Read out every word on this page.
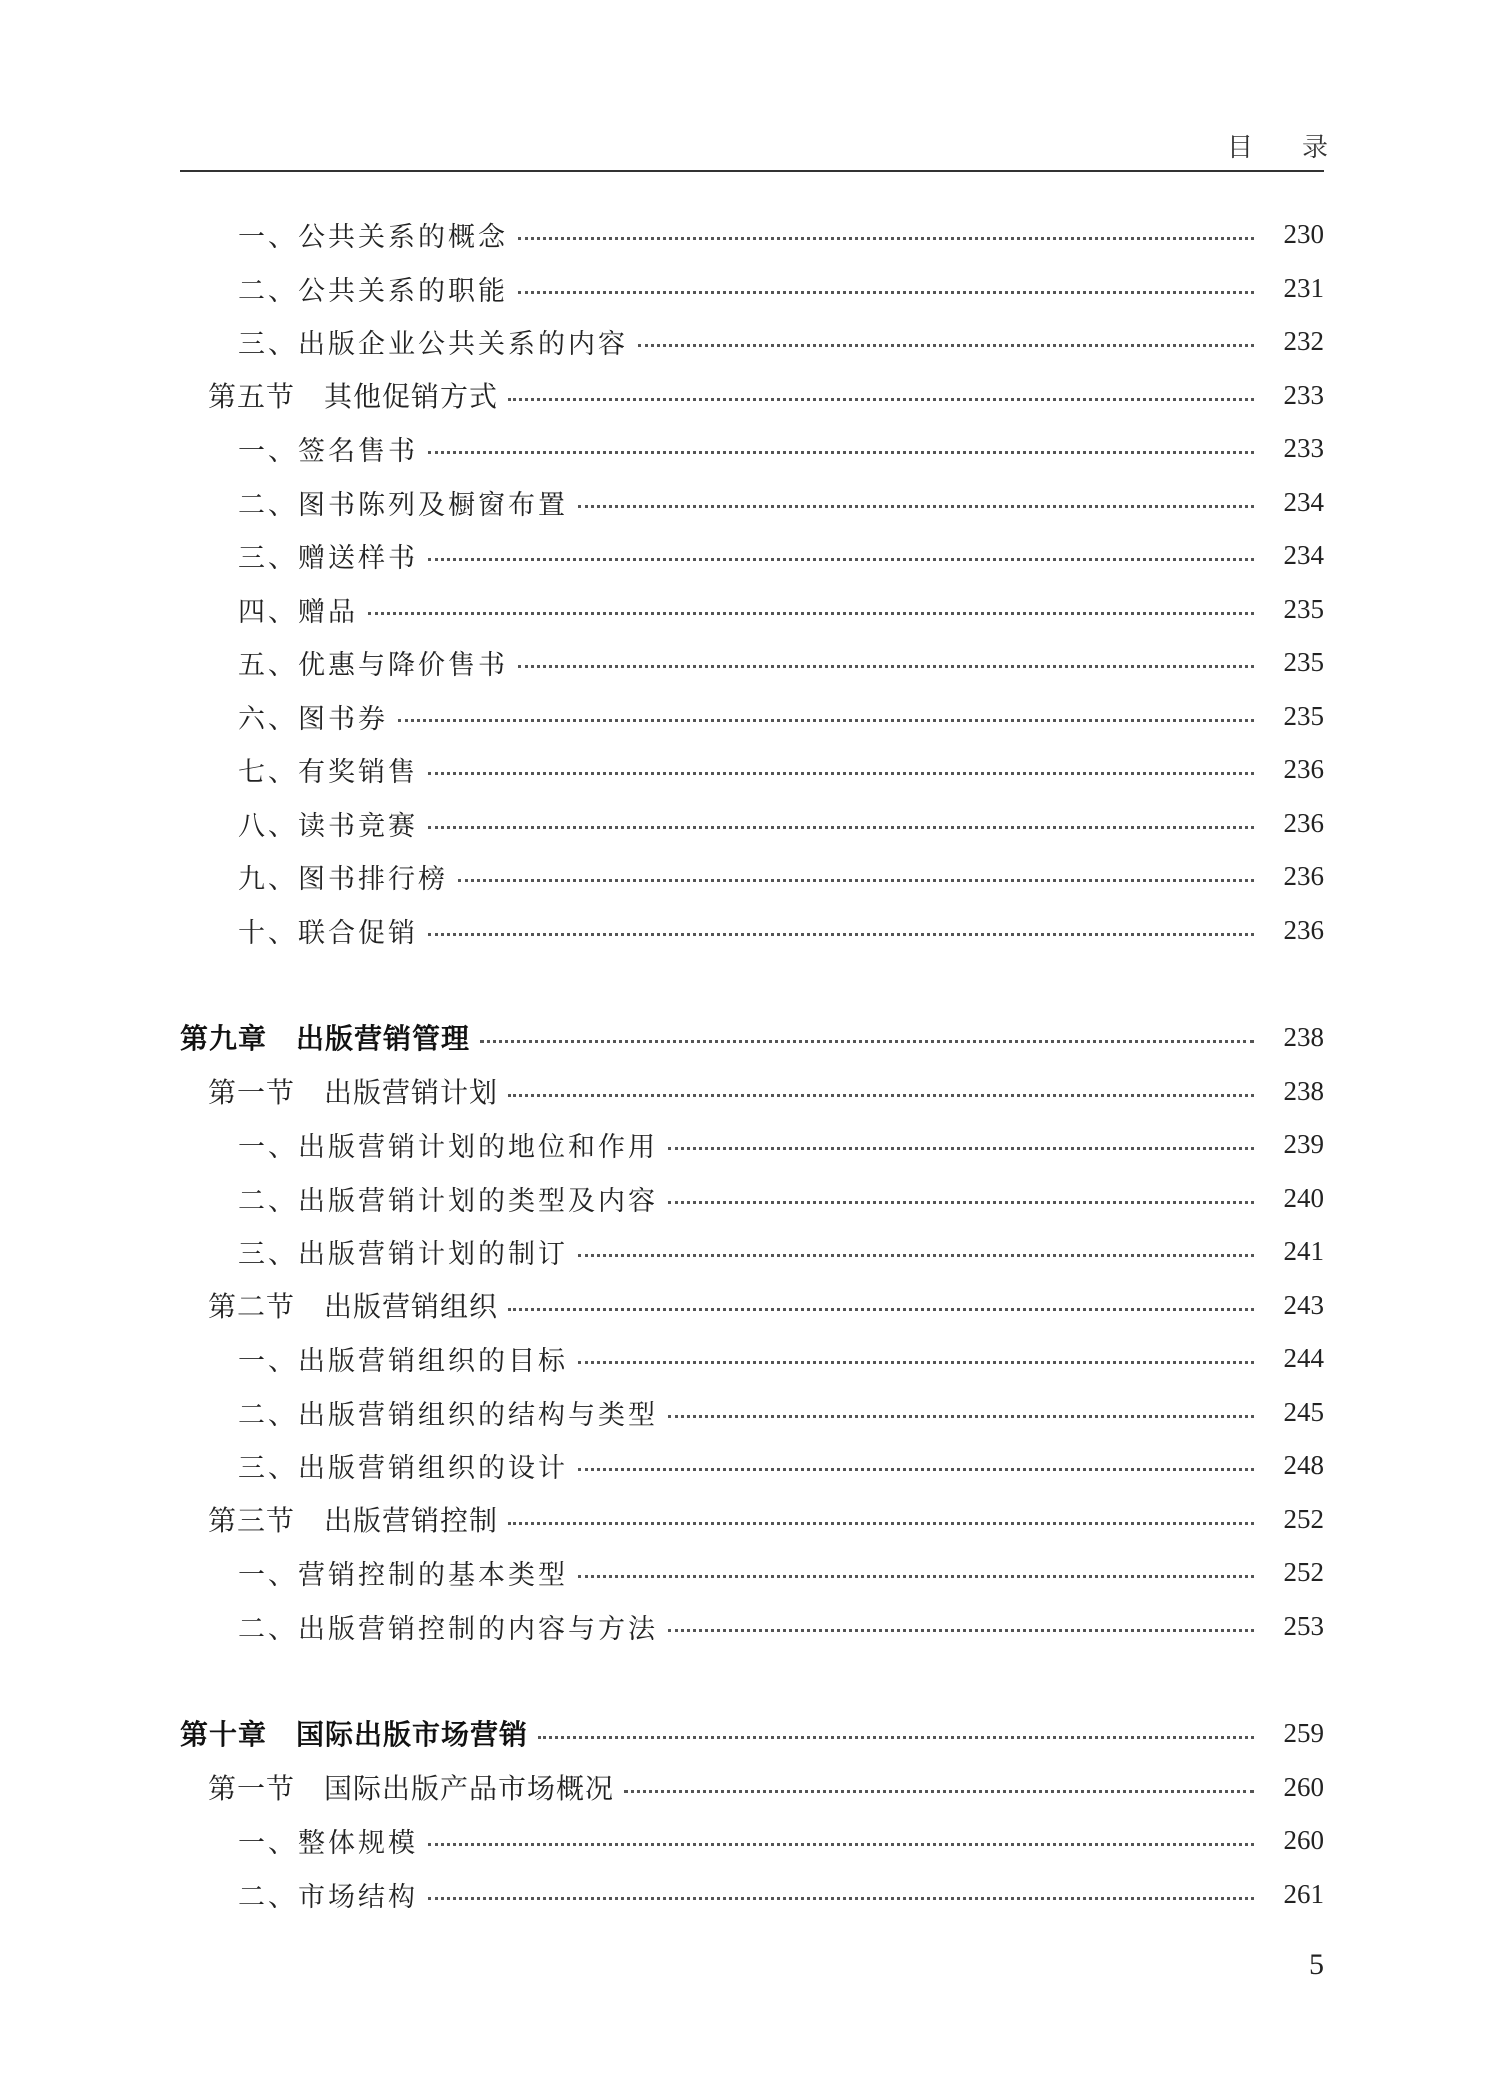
目 录
一、公共关系的概念	230
二、公共关系的职能	231
三、出版企业公共关系的内容	232
第五节　其他促销方式	233
一、签名售书	233
二、图书陈列及橱窗布置	234
三、赠送样书	234
四、赠品	235
五、优惠与降价售书	235
六、图书券	235
七、有奖销售	236
八、读书竞赛	236
九、图书排行榜	236
十、联合促销	236
第九章　出版营销管理	238
第一节　出版营销计划	238
一、出版营销计划的地位和作用	239
二、出版营销计划的类型及内容	240
三、出版营销计划的制订	241
第二节　出版营销组织	243
一、出版营销组织的目标	244
二、出版营销组织的结构与类型	245
三、出版营销组织的设计	248
第三节　出版营销控制	252
一、营销控制的基本类型	252
二、出版营销控制的内容与方法	253
第十章　国际出版市场营销	259
第一节　国际出版产品市场概况	260
一、整体规模	260
二、市场结构	261
5
